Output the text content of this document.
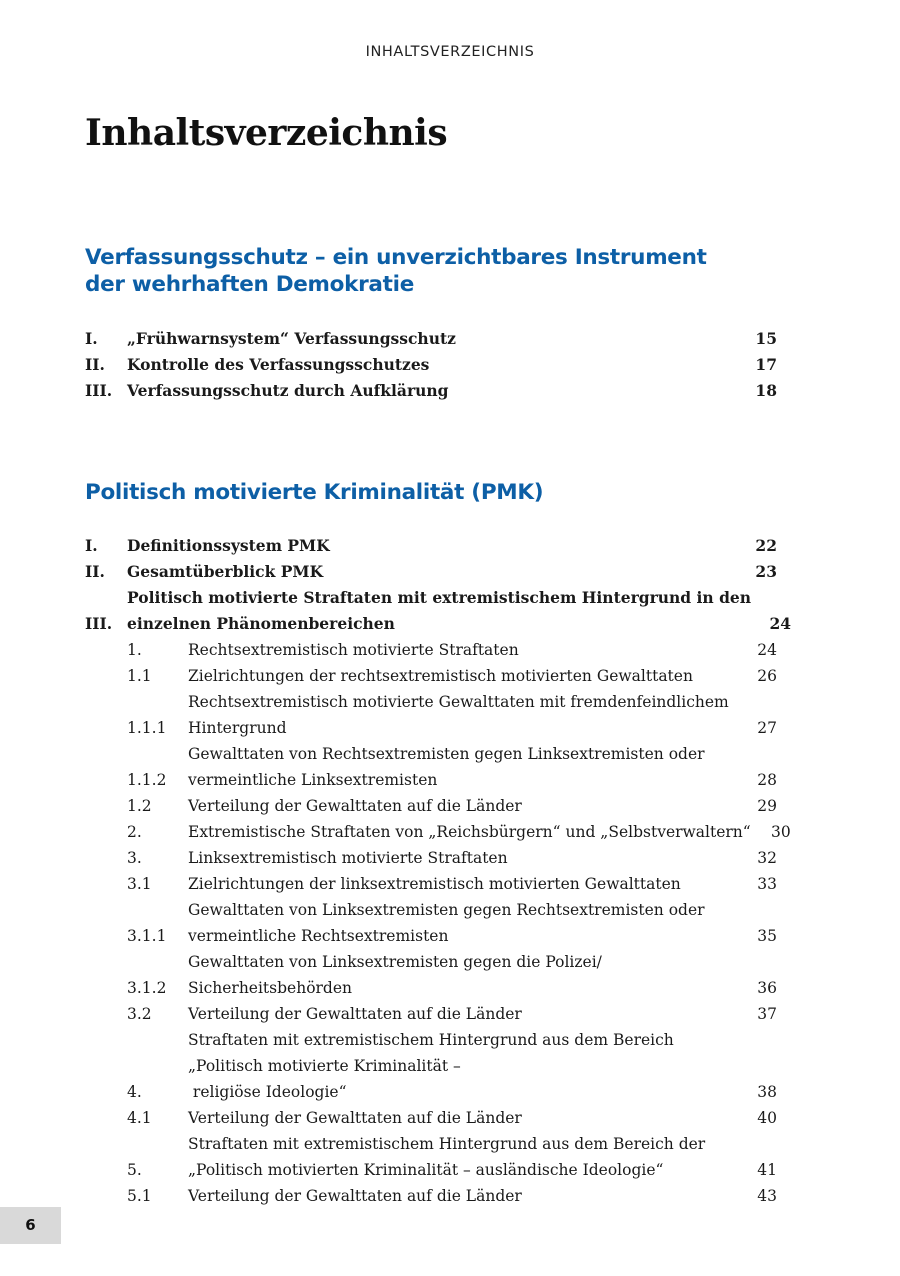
INHALTSVERZEICHNIS
Inhaltsverzeichnis
Verfassungsschutz – ein unverzichtbares Instrument
der wehrhaften Demokratie
I.	„Frühwarnsystem“ Verfassungsschutz	15
II.	Kontrolle des Verfassungsschutzes	17
III. Verfassungsschutz durch Aufklärung	18
Politisch motivierte Kriminalität (PMK)
I.	Definitionssystem PMK	22
II.	Gesamtüberblick PMK	23
III.
Politisch motivierte Straftaten mit extremistischem Hintergrund in den
einzelnen Phänomenbereichen	24
1.	Rechtsextremistisch motivierte Straftaten	24
1.1	Zielrichtungen der rechtsextremistisch motivierten Gewalttaten	26
1.1.1
Rechtsextremistisch motivierte Gewalttaten mit fremdenfeindlichem
Hintergrund	27
1.1.2
Gewalttaten von Rechtsextremisten gegen Linksextremisten oder
vermeintliche Linksextremisten	28
1.2	Verteilung der Gewalttaten auf die Länder	29
2.	Extremistische Straftaten von „Reichsbürgern“ und „Selbstverwaltern“	30
3.	Linksextremistisch motivierte Straftaten	32
3.1	Zielrichtungen der linksextremistisch motivierten Gewalttaten	33
3.1.1
Gewalttaten von Linksextremisten gegen Rechtsextremisten oder
vermeintliche Rechtsextremisten	35
3.1.2
Gewalttaten von Linksextremisten gegen die Polizei/
Sicherheitsbehörden	36
3.2	Verteilung der Gewalttaten auf die Länder	37
4.
Straftaten mit extremistischem Hintergrund aus dem Bereich
„Politisch motivierte Kriminalität –
religiöse Ideologie“	38
4.1	Verteilung der Gewalttaten auf die Länder	40
5.
Straftaten mit extremistischem Hintergrund aus dem Bereich der
„Politisch motivierten Kriminalität – ausländische Ideologie“	41
5.1	Verteilung der Gewalttaten auf die Länder	43
6
